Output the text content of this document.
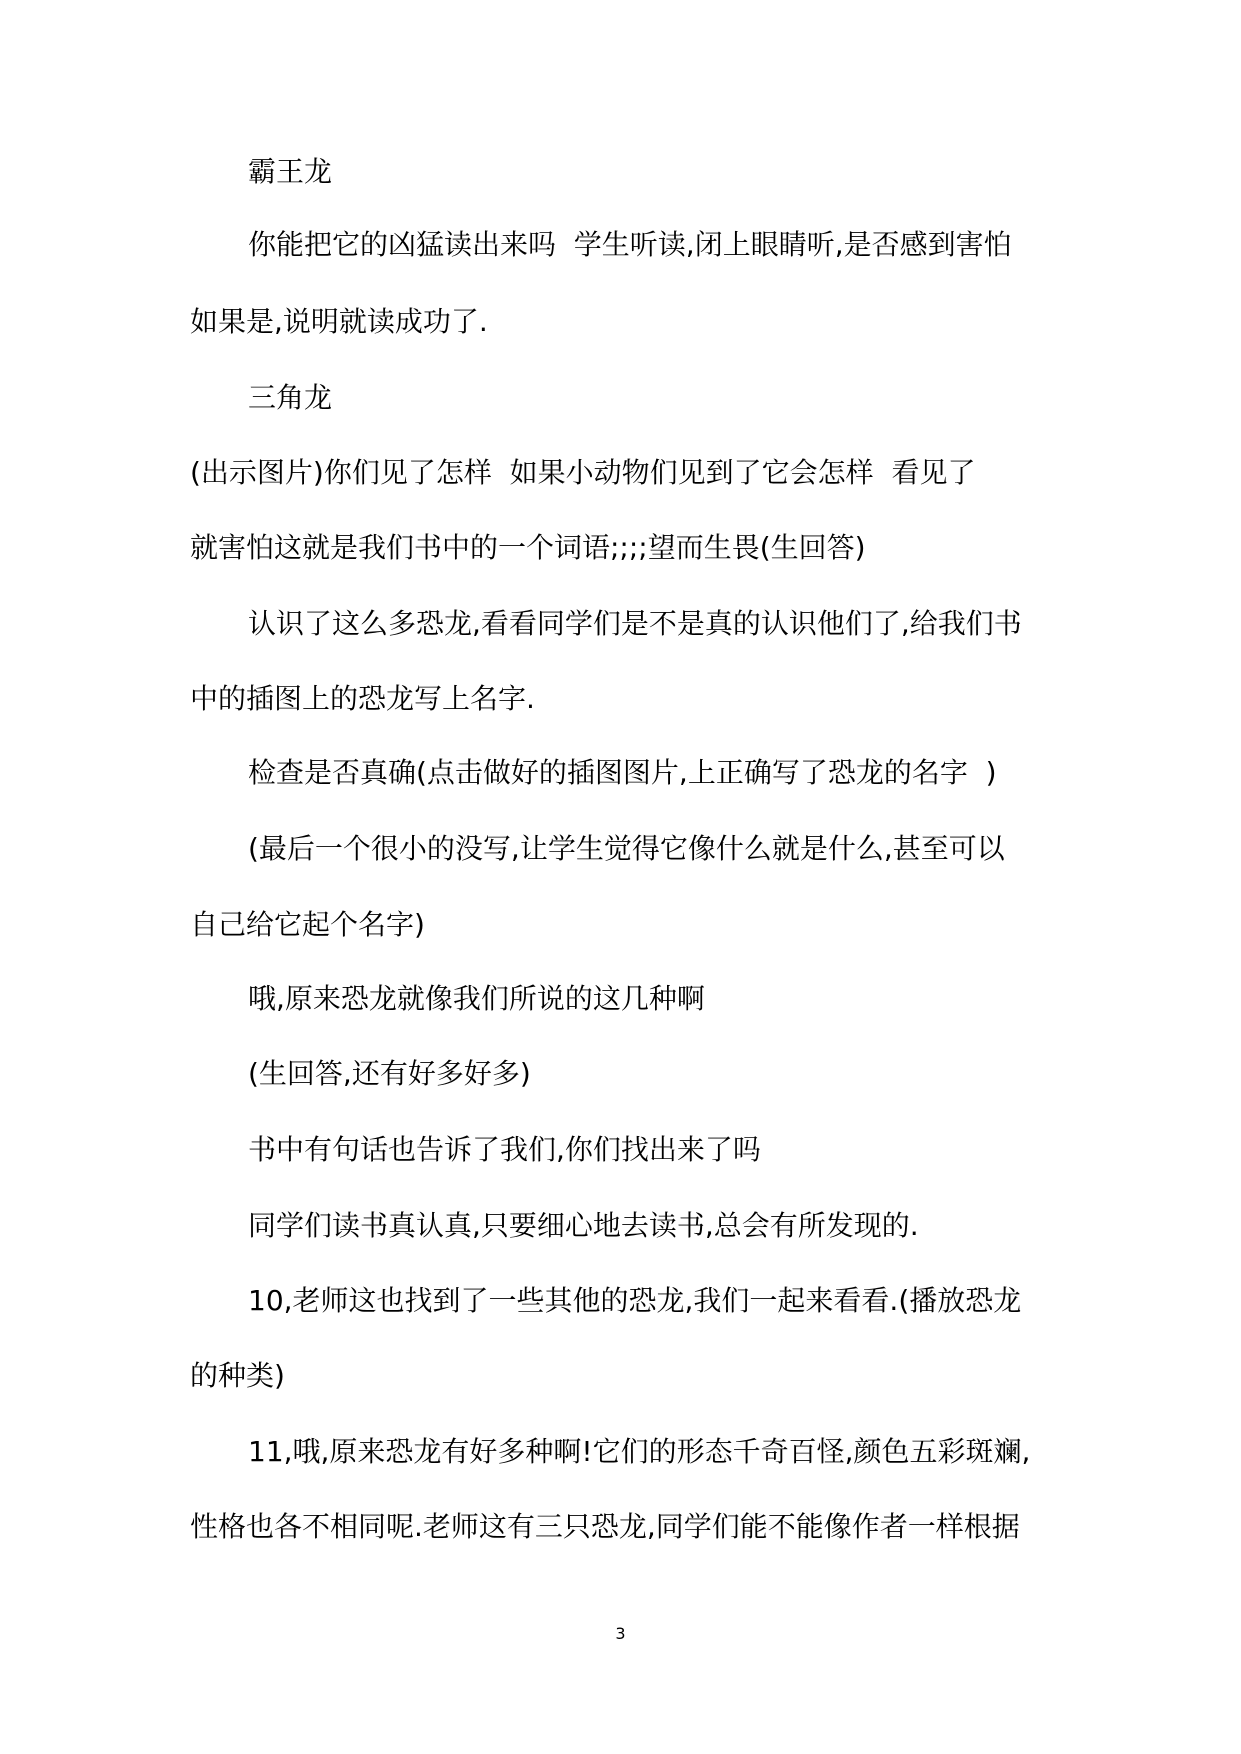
霸王龙

你能把它的凶猛读出来吗  学生听读,闭上眼睛听,是否感到害怕

如果是,说明就读成功了.

三角龙

(出示图片)你们见了怎样  如果小动物们见到了它会怎样  看见了

就害怕这就是我们书中的一个词语;;;;望而生畏(生回答)

认识了这么多恐龙,看看同学们是不是真的认识他们了,给我们书

中的插图上的恐龙写上名字.

检查是否真确(点击做好的插图图片,上正确写了恐龙的名字  )

(最后一个很小的没写,让学生觉得它像什么就是什么,甚至可以

自己给它起个名字)

哦,原来恐龙就像我们所说的这几种啊

(生回答,还有好多好多)

书中有句话也告诉了我们,你们找出来了吗

同学们读书真认真,只要细心地去读书,总会有所发现的.

10,老师这也找到了一些其他的恐龙,我们一起来看看.(播放恐龙

的种类)

11,哦,原来恐龙有好多种啊!它们的形态千奇百怪,颜色五彩斑斓,

性格也各不相同呢.老师这有三只恐龙,同学们能不能像作者一样根据

3
